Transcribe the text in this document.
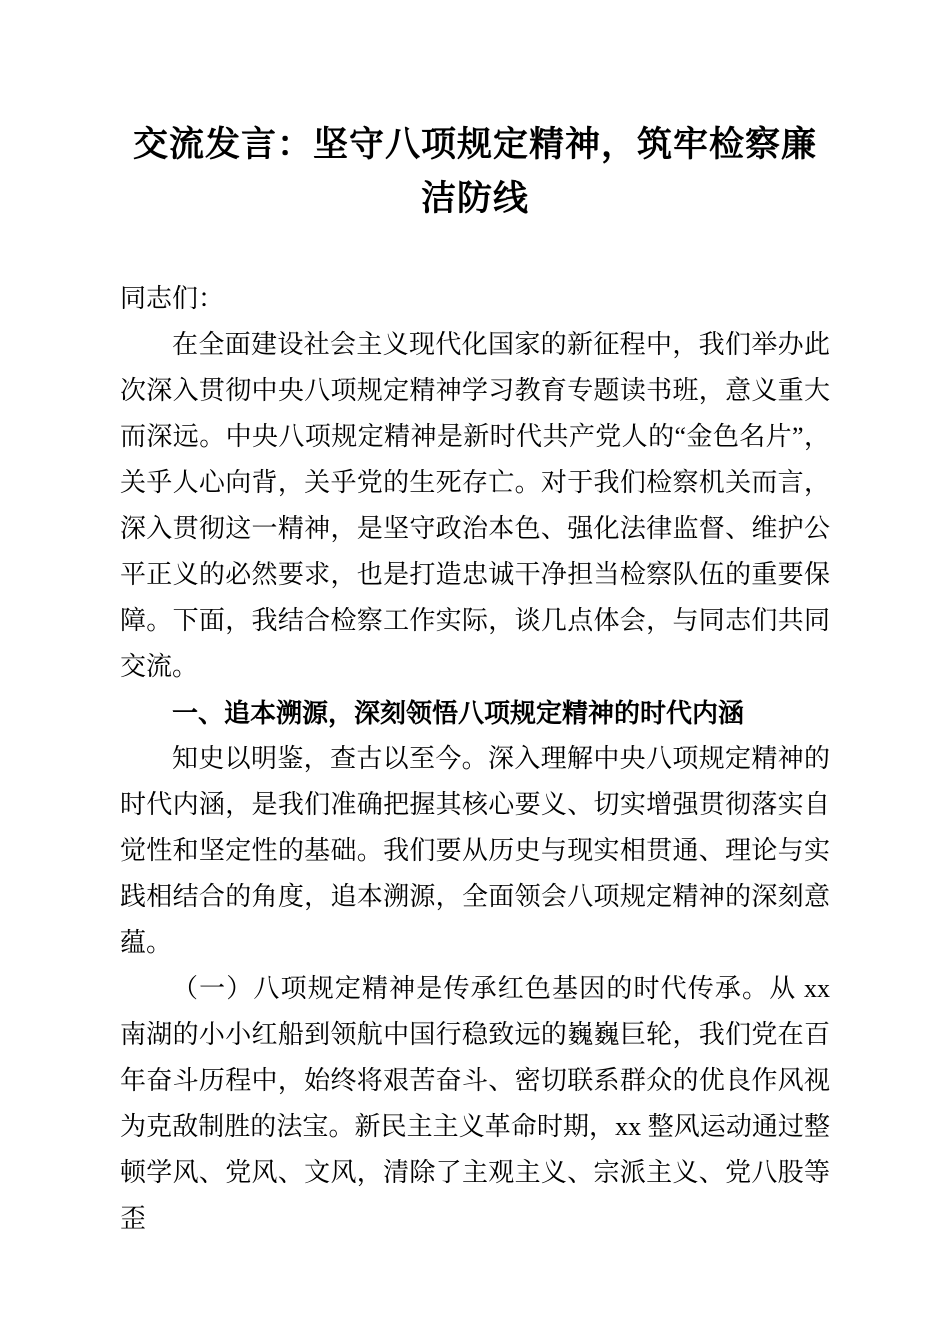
交流发言：坚守八项规定精神，筑牢检察廉洁防线

同志们：

在全面建设社会主义现代化国家的新征程中，我们举办此次深入贯彻中央八项规定精神学习教育专题读书班，意义重大而深远。中央八项规定精神是新时代共产党人的“金色名片”，关乎人心向背，关乎党的生死存亡。对于我们检察机关而言，深入贯彻这一精神，是坚守政治本色、强化法律监督、维护公平正义的必然要求，也是打造忠诚干净担当检察队伍的重要保障。下面，我结合检察工作实际，谈几点体会，与同志们共同交流。

一、追本溯源，深刻领悟八项规定精神的时代内涵

知史以明鉴，查古以至今。深入理解中央八项规定精神的时代内涵，是我们准确把握其核心要义、切实增强贯彻落实自觉性和坚定性的基础。我们要从历史与现实相贯通、理论与实践相结合的角度，追本溯源，全面领会八项规定精神的深刻意蕴。

（一）八项规定精神是传承红色基因的时代传承。从 xx 南湖的小小红船到领航中国行稳致远的巍巍巨轮，我们党在百年奋斗历程中，始终将艰苦奋斗、密切联系群众的优良作风视为克敌制胜的法宝。新民主主义革命时期，xx 整风运动通过整顿学风、党风、文风，清除了主观主义、宗派主义、党八股等歪
